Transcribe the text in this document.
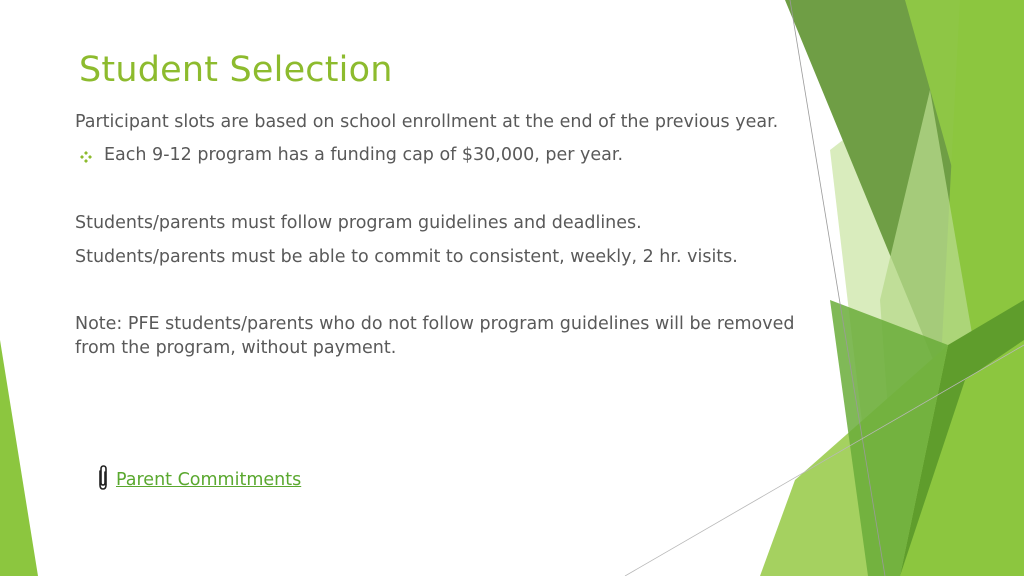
Student Selection
Participant slots are based on school enrollment at the end of the previous year.
Each 9-12 program has a funding cap of $30,000, per year.
Students/parents must follow program guidelines and deadlines.
Students/parents must be able to commit to consistent, weekly, 2 hr. visits.
Note: PFE students/parents who do not follow program guidelines will be removed from the program, without payment.
Parent Commitments
